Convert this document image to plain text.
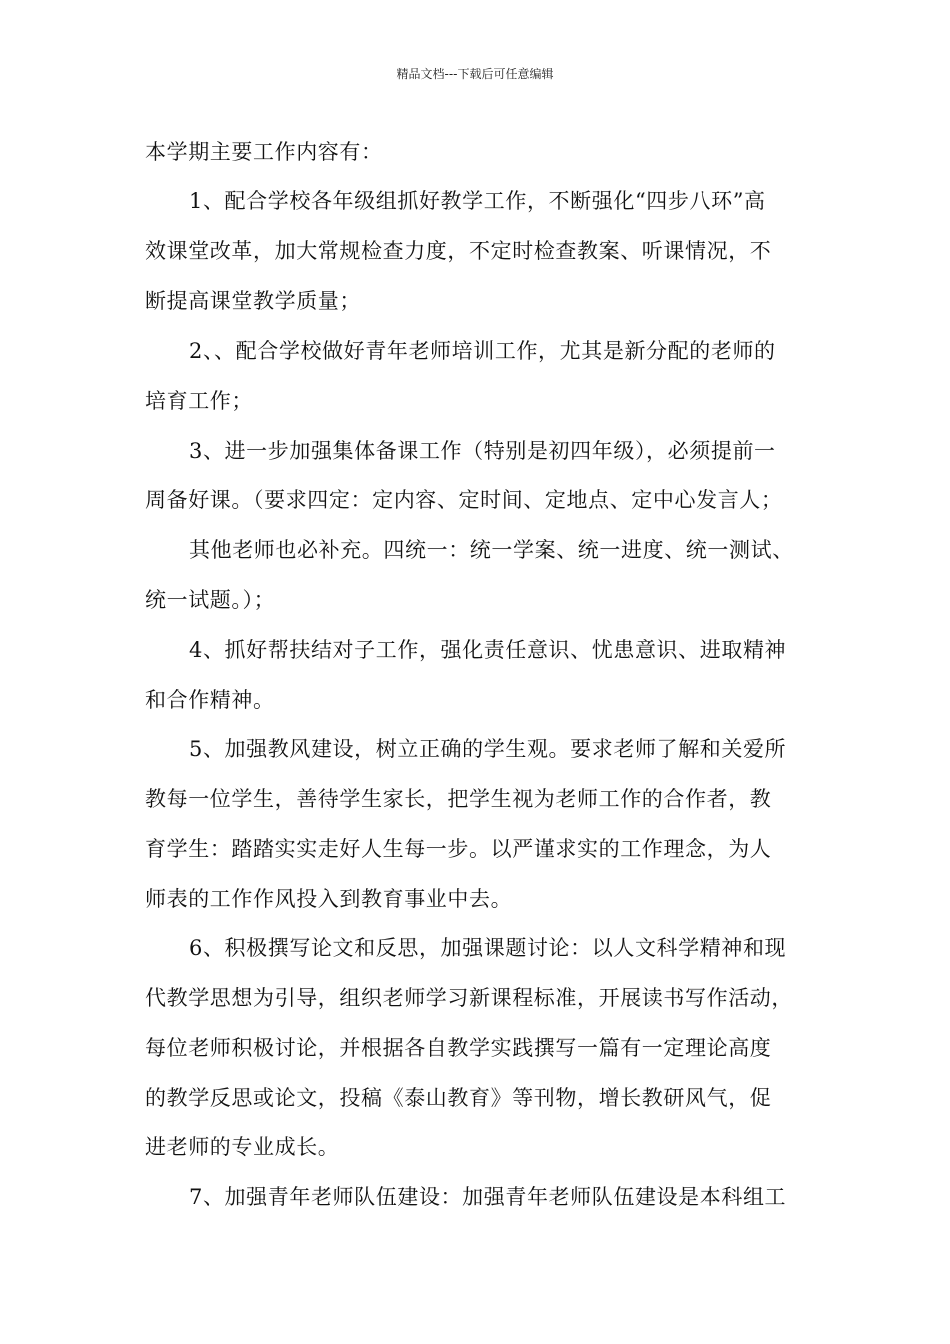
精品文档---下载后可任意编辑
本学期主要工作内容有：
1、配合学校各年级组抓好教学工作，不断强化“四步八环”高
效课堂改革，加大常规检查力度，不定时检查教案、听课情况，不
断提高课堂教学质量；
2、、配合学校做好青年老师培训工作，尤其是新分配的老师的
培育工作；
3、进一步加强集体备课工作（特别是初四年级），必须提前一
周备好课。（要求四定：定内容、定时间、定地点、定中心发言人；
其他老师也必补充。四统一：统一学案、统一进度、统一测试、
统一试题。）；
4、抓好帮扶结对子工作，强化责任意识、忧患意识、进取精神
和合作精神。
5、加强教风建设，树立正确的学生观。要求老师了解和关爱所
教每一位学生，善待学生家长，把学生视为老师工作的合作者，教
育学生：踏踏实实走好人生每一步。以严谨求实的工作理念，为人
师表的工作作风投入到教育事业中去。
6、积极撰写论文和反思，加强课题讨论：以人文科学精神和现
代教学思想为引导，组织老师学习新课程标准，开展读书写作活动，
每位老师积极讨论，并根据各自教学实践撰写一篇有一定理论高度
的教学反思或论文，投稿《泰山教育》等刊物，增长教研风气，促
进老师的专业成长。
7、加强青年老师队伍建设：加强青年老师队伍建设是本科组工
